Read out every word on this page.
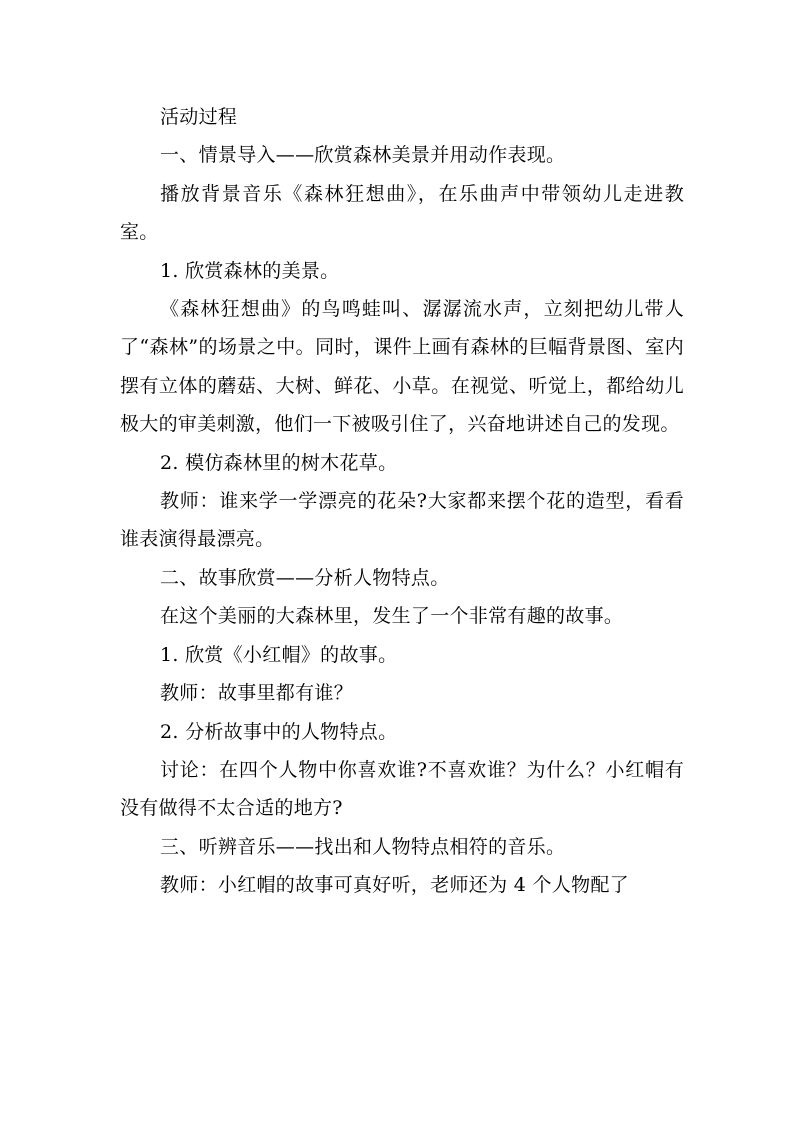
活动过程

一、情景导入——欣赏森林美景并用动作表现。

播放背景音乐《森林狂想曲》，在乐曲声中带领幼儿走进教室。

1. 欣赏森林的美景。

《森林狂想曲》的鸟鸣蛙叫、潺潺流水声，立刻把幼儿带人了“森林”的场景之中。同时，课件上画有森林的巨幅背景图、室内摆有立体的蘑菇、大树、鲜花、小草。在视觉、听觉上，都给幼儿极大的审美刺激，他们一下被吸引住了，兴奋地讲述自己的发现。

2. 模仿森林里的树木花草。

教师：谁来学一学漂亮的花朵?大家都来摆个花的造型，看看谁表演得最漂亮。

二、故事欣赏——分析人物特点。

在这个美丽的大森林里，发生了一个非常有趣的故事。

1. 欣赏《小红帽》的故事。

教师：故事里都有谁？

2. 分析故事中的人物特点。

讨论：在四个人物中你喜欢谁?不喜欢谁？为什么？小红帽有没有做得不太合适的地方?

三、听辨音乐——找出和人物特点相符的音乐。

教师：小红帽的故事可真好听，老师还为 4 个人物配了
